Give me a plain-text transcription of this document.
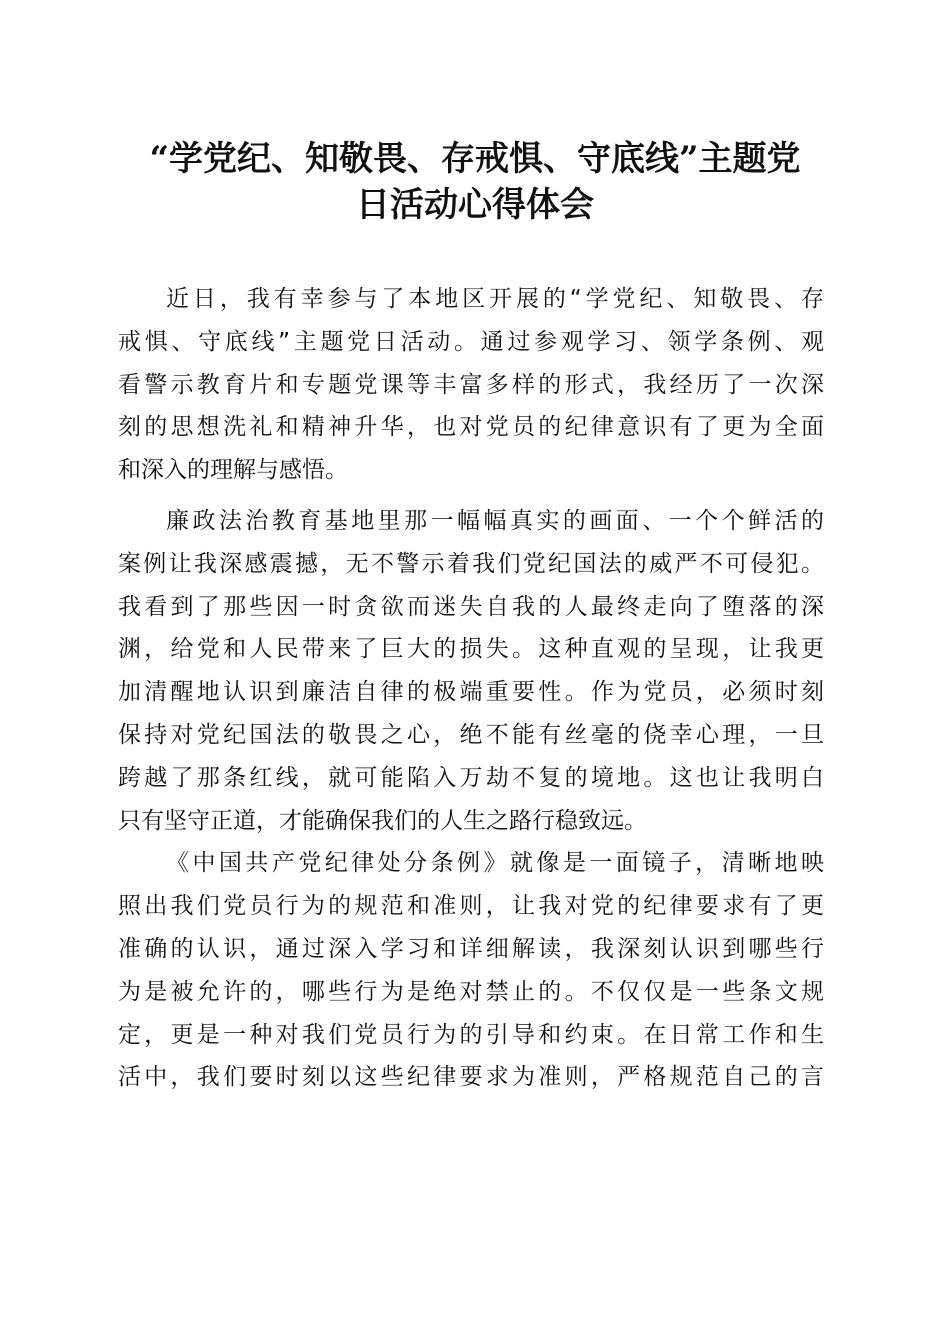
“学党纪、知敬畏、存戒惧、守底线”主题党
日活动心得体会
近日，我有幸参与了本地区开展的“学党纪、知敬畏、存
戒惧、守底线”主题党日活动。通过参观学习、领学条例、观
看警示教育片和专题党课等丰富多样的形式，我经历了一次深
刻的思想洗礼和精神升华，也对党员的纪律意识有了更为全面
和深入的理解与感悟。
廉政法治教育基地里那一幅幅真实的画面、一个个鲜活的
案例让我深感震撼，无不警示着我们党纪国法的威严不可侵犯。
我看到了那些因一时贪欲而迷失自我的人最终走向了堕落的深
渊，给党和人民带来了巨大的损失。这种直观的呈现，让我更
加清醒地认识到廉洁自律的极端重要性。作为党员，必须时刻
保持对党纪国法的敬畏之心，绝不能有丝毫的侥幸心理，一旦
跨越了那条红线，就可能陷入万劫不复的境地。这也让我明白
只有坚守正道，才能确保我们的人生之路行稳致远。
《中国共产党纪律处分条例》就像是一面镜子，清晰地映
照出我们党员行为的规范和准则，让我对党的纪律要求有了更
准确的认识，通过深入学习和详细解读，我深刻认识到哪些行
为是被允许的，哪些行为是绝对禁止的。不仅仅是一些条文规
定，更是一种对我们党员行为的引导和约束。在日常工作和生
活中，我们要时刻以这些纪律要求为准则，严格规范自己的言
